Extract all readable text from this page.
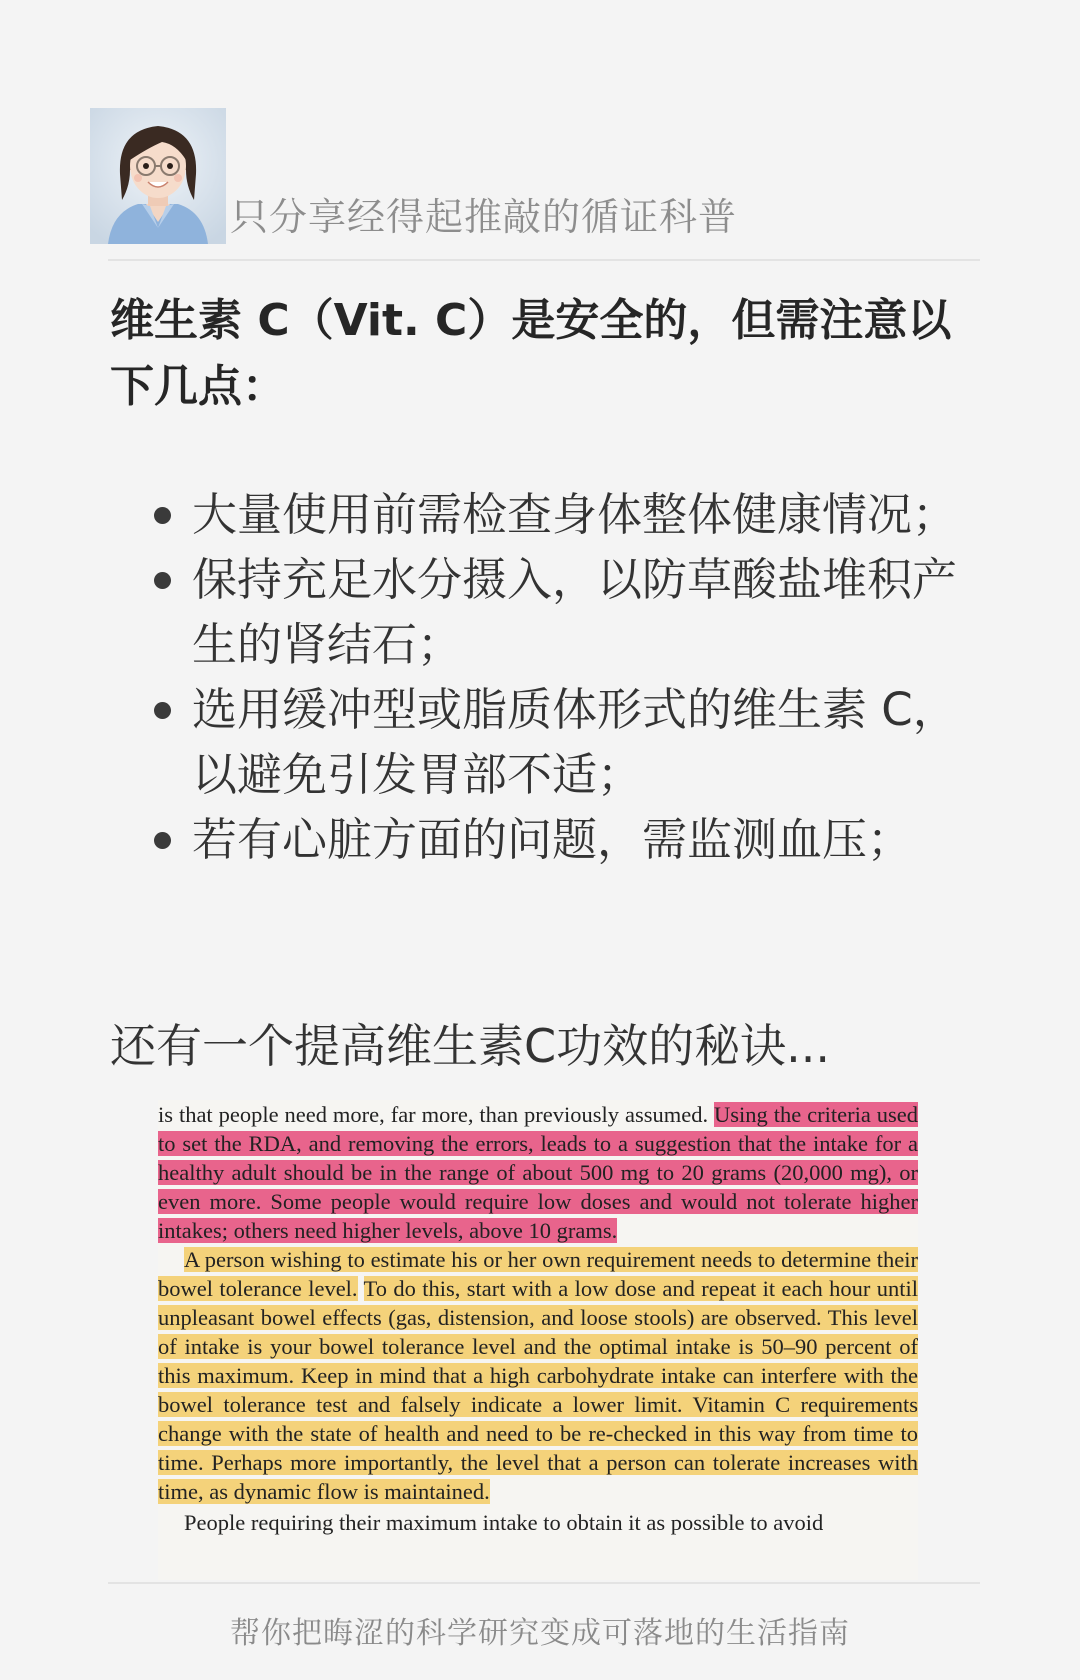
只分享经得起推敲的循证科普
维生素 C（Vit. C）是安全的，但需注意以
下几点：
大量使用前需检查身体整体健康情况；
保持充足水分摄入，以防草酸盐堆积产生的肾结石；
选用缓冲型或脂质体形式的维生素 C，以避免引发胃部不适；
若有心脏方面的问题，需监测血压；
还有一个提高维生素C功效的秘诀...

is that people need more, far more, than previously assumed. Using the criteria used to set the RDA, and removing the errors, leads to a suggestion that the intake for a healthy adult should be in the range of about 500 mg to 20 grams (20,000 mg), or even more. Some people would require low doses and would not tolerate higher intakes; others need higher levels, above 10 grams.

A person wishing to estimate his or her own requirement needs to determine their bowel tolerance level. To do this, start with a low dose and repeat it each hour until unpleasant bowel effects (gas, distension, and loose stools) are observed. This level of intake is your bowel tolerance level and the optimal intake is 50–90 percent of this maximum. Keep in mind that a high carbohydrate intake can interfere with the bowel tolerance test and falsely indicate a lower limit. Vitamin C requirements change with the state of health and need to be re-checked in this way from time to time. Perhaps more importantly, the level that a person can tolerate increases with time, as dynamic flow is maintained.

People requiring their maximum intake to obtain it as possible to avoid
帮你把晦涩的科学研究变成可落地的生活指南
